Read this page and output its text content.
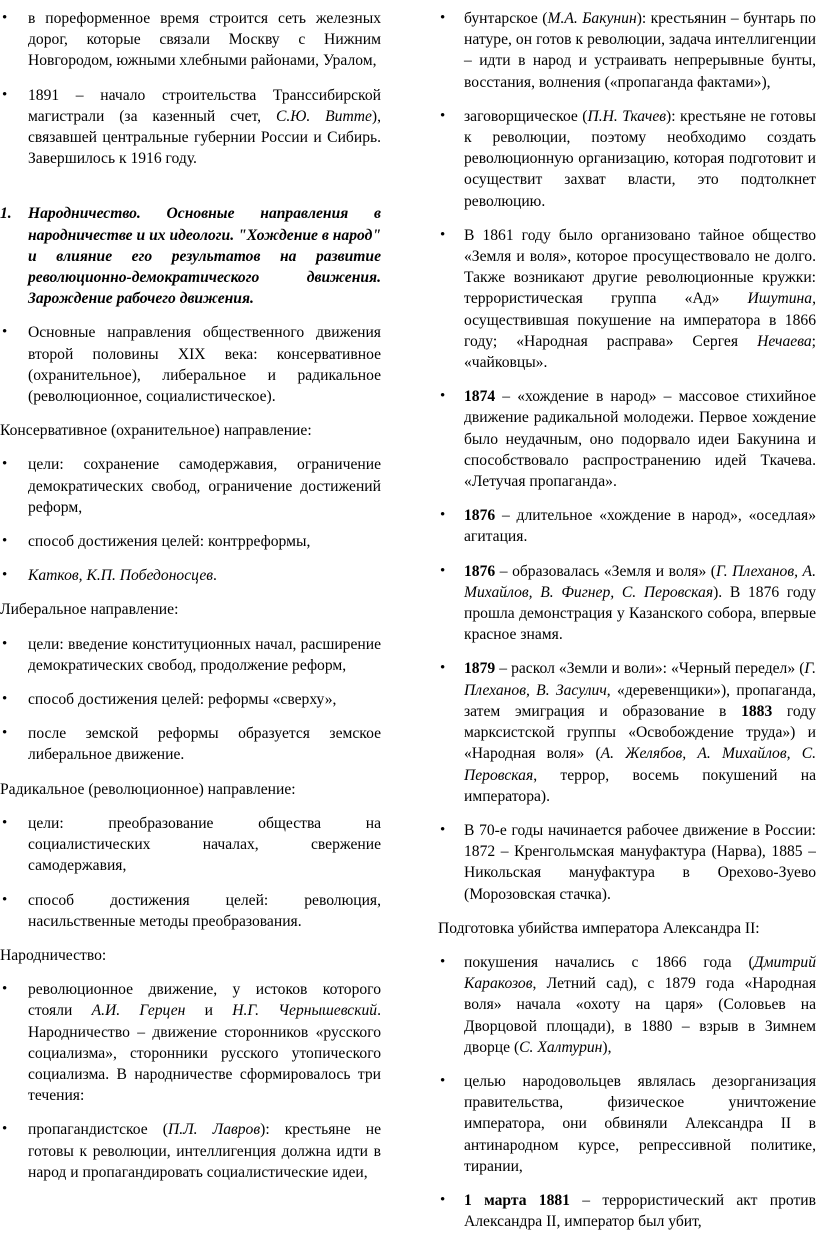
• в пореформенное время строится сеть железных дорог, которые связали Москву с Нижним Новгородом, южными хлебными районами, Уралом,
• 1891 – начало строительства Транссибирской магистрали (за казенный счет, С.Ю. Витте), связавшей центральные губернии России и Сибирь. Завершилось к 1916 году.
1. Народничество. Основные направления в народничестве и их идеологи. "Хождение в народ" и влияние его результатов на развитие революционно-демократического движения. Зарождение рабочего движения.
• Основные направления общественного движения второй половины XIX века: консервативное (охранительное), либеральное и радикальное (революционное, социалистическое).

Консервативное (охранительное) направление:

• цели: сохранение самодержавия, ограничение демократических свобод, ограничение достижений реформ,
• способ достижения целей: контрреформы,
• Катков, К.П. Победоносцев.

Либеральное направление:

• цели: введение конституционных начал, расширение демократических свобод, продолжение реформ,
• способ достижения целей: реформы «сверху»,
• после земской реформы образуется земское либеральное движение.

Радикальное (революционное) направление:

• цели: преобразование общества на социалистических началах, свержение самодержавия,
• способ достижения целей: революция, насильственные методы преобразования.

Народничество:

• революционное движение, у истоков которого стояли А.И. Герцен и Н.Г. Чернышевский. Народничество – движение сторонников «русского социализма», сторонники русского утопического социализма. В народничестве сформировалось три течения:
• пропагандистское (П.Л. Лавров): крестьяне не готовы к революции, интеллигенция должна идти в народ и пропагандировать социалистические идеи,
• бунтарское (М.А. Бакунин): крестьянин – бунтарь по натуре, он готов к революции, задача интеллигенции – идти в народ и устраивать непрерывные бунты, восстания, волнения («пропаганда фактами»),
• заговорщическое (П.Н. Ткачев): крестьяне не готовы к революции, поэтому необходимо создать революционную организацию, которая подготовит и осуществит захват власти, это подтолкнет революцию.
• В 1861 году было организовано тайное общество «Земля и воля», которое просуществовало не долго. Также возникают другие революционные кружки: террористическая группа «Ад» Ишутина, осуществившая покушение на императора в 1866 году; «Народная расправа» Сергея Нечаева; «чайковцы».
• 1874 – «хождение в народ» – массовое стихийное движение радикальной молодежи. Первое хождение было неудачным, оно подорвало идеи Бакунина и способствовало распространению идей Ткачева. «Летучая пропаганда».
• 1876 – длительное «хождение в народ», «оседлая» агитация.
• 1876 – образовалась «Земля и воля» (Г. Плеханов, А. Михайлов, В. Фигнер, С. Перовская). В 1876 году прошла демонстрация у Казанского собора, впервые красное знамя.
• 1879 – раскол «Земли и воли»: «Черный передел» (Г. Плеханов, В. Засулич, «деревенщики»), пропаганда, затем эмиграция и образование в 1883 году марксистской группы «Освобождение труда») и «Народная воля» (А. Желябов, А. Михайлов, С. Перовская, террор, восемь покушений на императора).
• В 70-е годы начинается рабочее движение в России: 1872 – Кренгольмская мануфактура (Нарва), 1885 – Никольская мануфактура в Орехово-Зуево (Морозовская стачка).

Подготовка убийства императора Александра II:

• покушения начались с 1866 года (Дмитрий Каракозов, Летний сад), с 1879 года «Народная воля» начала «охоту на царя» (Соловьев на Дворцовой площади), в 1880 – взрыв в Зимнем дворце (С. Халтурин),
• целью народовольцев являлась дезорганизация правительства, физическое уничтожение императора, они обвиняли Александра II в антинародном курсе, репрессивной политике, тирании,
• 1 марта 1881 – террористический акт против Александра II, император был убит,
